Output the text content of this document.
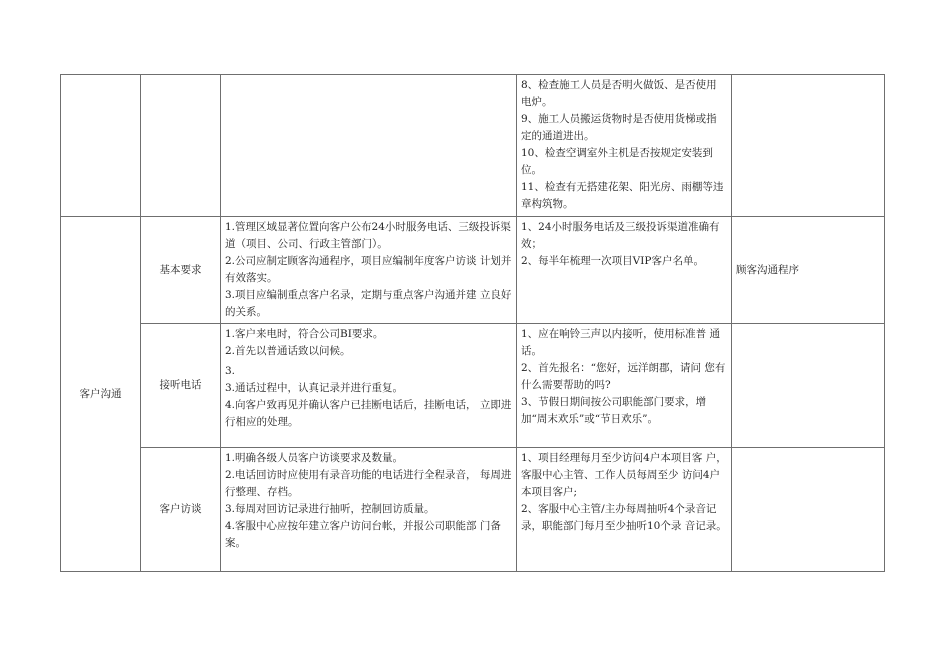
			8、检查施工人员是否明火做饭、是否使用电炉。
9、施工人员搬运货物时是否使用货梯或指定的通道进出。
10、检查空调室外主机是否按规定安装到位。
11、检查有无搭建花架、阳光房、雨棚等违章构筑物。	

客户沟通	基本要求	1.管理区域显著位置向客户公布24小时服务电话、三级投诉渠道（项目、公司、行政主管部门）。
2.公司应制定顾客沟通程序，项目应编制年度客户访谈 计划并有效落实。
3.项目应编制重点客户名录，定期与重点客户沟通并建 立良好的关系。	1、24小时服务电话及三级投诉渠道准确有效；
2、每半年梳理一次项目VIP客户名单。	顾客沟通程序
	接听电话	1.客户来电时，符合公司BI要求。
2.首先以普通话致以问候。
3.
3.通话过程中，认真记录并进行重复。
4.向客户致再见并确认客户已挂断电话后，挂断电话， 立即进行相应的处理。	1、应在响铃三声以内接听，使用标准普 通话。
2、首先报名：“您好，远洋朗郡，请问 您有什么需要帮助的吗?
3、节假日期间按公司职能部门要求，增 加“周末欢乐”或“节日欢乐”。	

	客户访谈	1.明确各级人员客户访谈要求及数量。
2.电话回访时应使用有录音功能的电话进行全程录音， 每周进行整理、存档。
3.每周对回访记录进行抽听，控制回访质量。
4.客服中心应按年建立客户访问台帐，并报公司职能部 门备案。	1、项目经理每月至少访问4户本项目客 户，客服中心主管、工作人员每周至少 访问4户本项目客户;
2、客服中心主管/主办每周抽听4个录音记录，职能部门每月至少抽听10个录 音记录。	
